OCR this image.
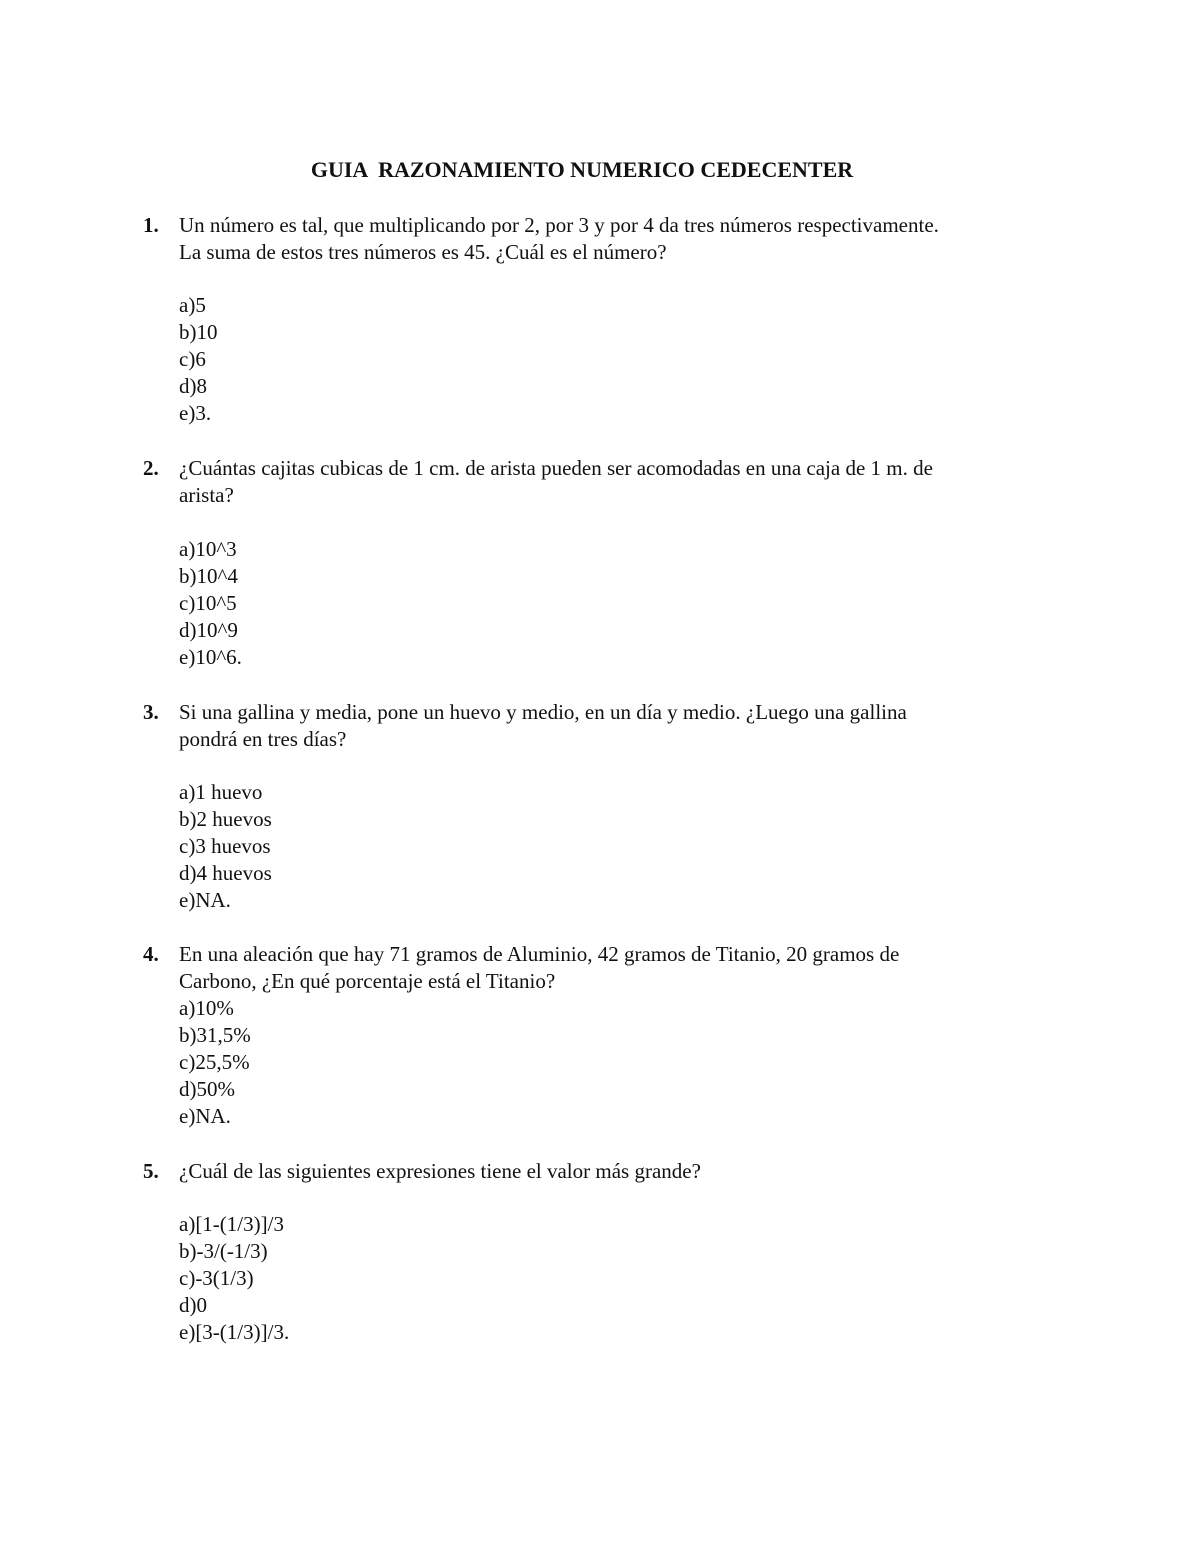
GUIA  RAZONAMIENTO NUMERICO CEDECENTER
1. Un número es tal, que multiplicando por 2, por 3 y por 4 da tres números respectivamente.
La suma de estos tres números es 45. ¿Cuál es el número?
a)5
b)10
c)6
d)8
e)3.
2. ¿Cuántas cajitas cubicas de 1 cm. de arista pueden ser acomodadas en una caja de 1 m. de
arista?
a)10^3
b)10^4
c)10^5
d)10^9
e)10^6.
3. Si una gallina y media, pone un huevo y medio, en un día y medio. ¿Luego una gallina
pondrá en tres días?
a)1 huevo
b)2 huevos
c)3 huevos
d)4 huevos
e)NA.
4. En una aleación que hay 71 gramos de Aluminio, 42 gramos de Titanio, 20 gramos de
Carbono, ¿En qué porcentaje está el Titanio?
a)10%
b)31,5%
c)25,5%
d)50%
e)NA.
5. ¿Cuál de las siguientes expresiones tiene el valor más grande?
a)[1-(1/3)]/3
b)-3/(-1/3)
c)-3(1/3)
d)0
e)[3-(1/3)]/3.
